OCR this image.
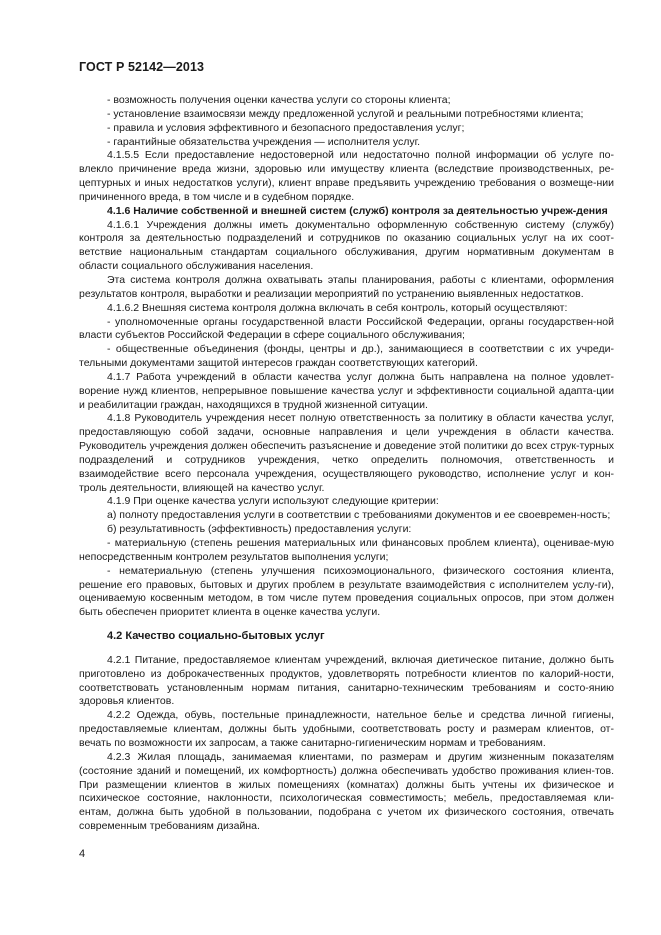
ГОСТ Р 52142—2013

- возможность получения оценки качества услуги со стороны клиента;

- установление взаимосвязи между предложенной услугой и реальными потребностями клиента;

- правила и условия эффективного и безопасного предоставления услуг;

- гарантийные обязательства учреждения — исполнителя услуг.

4.1.5.5 Если предоставление недостоверной или недостаточно полной информации об услуге по-влекло причинение вреда жизни, здоровью или имуществу клиента (вследствие производственных, ре-цептурных и иных недостатков услуги), клиент вправе предъявить учреждению требования о возмеще-нии причиненного вреда, в том числе и в судебном порядке.

4.1.6 Наличие собственной и внешней систем (служб) контроля за деятельностью учреж-дения

4.1.6.1 Учреждения должны иметь документально оформленную собственную систему (службу) контроля за деятельностью подразделений и сотрудников по оказанию социальных услуг на их соот-ветствие национальным стандартам социального обслуживания, другим нормативным документам в области социального обслуживания населения.

Эта система контроля должна охватывать этапы планирования, работы с клиентами, оформления результатов контроля, выработки и реализации мероприятий по устранению выявленных недостатков.

4.1.6.2 Внешняя система контроля должна включать в себя контроль, который осуществляют:

- уполномоченные органы государственной власти Российской Федерации, органы государствен-ной власти субъектов Российской Федерации в сфере социального обслуживания;

- общественные объединения (фонды, центры и др.), занимающиеся в соответствии с их учреди-тельными документами защитой интересов граждан соответствующих категорий.

4.1.7 Работа учреждений в области качества услуг должна быть направлена на полное удовлет-ворение нужд клиентов, непрерывное повышение качества услуг и эффективности социальной адапта-ции и реабилитации граждан, находящихся в трудной жизненной ситуации.

4.1.8 Руководитель учреждения несет полную ответственность за политику в области качества услуг, предоставляющую собой задачи, основные направления и цели учреждения в области качества. Руководитель учреждения должен обеспечить разъяснение и доведение этой политики до всех струк-турных подразделений и сотрудников учреждения, четко определить полномочия, ответственность и взаимодействие всего персонала учреждения, осуществляющего руководство, исполнение услуг и кон-троль деятельности, влияющей на качество услуг.

4.1.9 При оценке качества услуги используют следующие критерии:

а) полноту предоставления услуги в соответствии с требованиями документов и ее своевремен-ность;

б) результативность (эффективность) предоставления услуги:

- материальную (степень решения материальных или финансовых проблем клиента), оценивае-мую непосредственным контролем результатов выполнения услуги;

- нематериальную (степень улучшения психоэмоционального, физического состояния клиента, решение его правовых, бытовых и других проблем в результате взаимодействия с исполнителем услу-ги), оцениваемую косвенным методом, в том числе путем проведения социальных опросов, при этом должен быть обеспечен приоритет клиента в оценке качества услуги.

4.2 Качество социально-бытовых услуг

4.2.1 Питание, предоставляемое клиентам учреждений, включая диетическое питание, должно быть приготовлено из доброкачественных продуктов, удовлетворять потребности клиентов по калорий-ности, соответствовать установленным нормам питания, санитарно-техническим требованиям и состо-янию здоровья клиентов.

4.2.2 Одежда, обувь, постельные принадлежности, нательное белье и средства личной гигиены, предоставляемые клиентам, должны быть удобными, соответствовать росту и размерам клиентов, от-вечать по возможности их запросам, а также санитарно-гигиеническим нормам и требованиям.

4.2.3 Жилая площадь, занимаемая клиентами, по размерам и другим жизненным показателям (состояние зданий и помещений, их комфортность) должна обеспечивать удобство проживания клиен-тов. При размещении клиентов в жилых помещениях (комнатах) должны быть учтены их физическое и психическое состояние, наклонности, психологическая совместимость; мебель, предоставляемая кли-ентам, должна быть удобной в пользовании, подобрана с учетом их физического состояния, отвечать современным требованиям дизайна.

4
